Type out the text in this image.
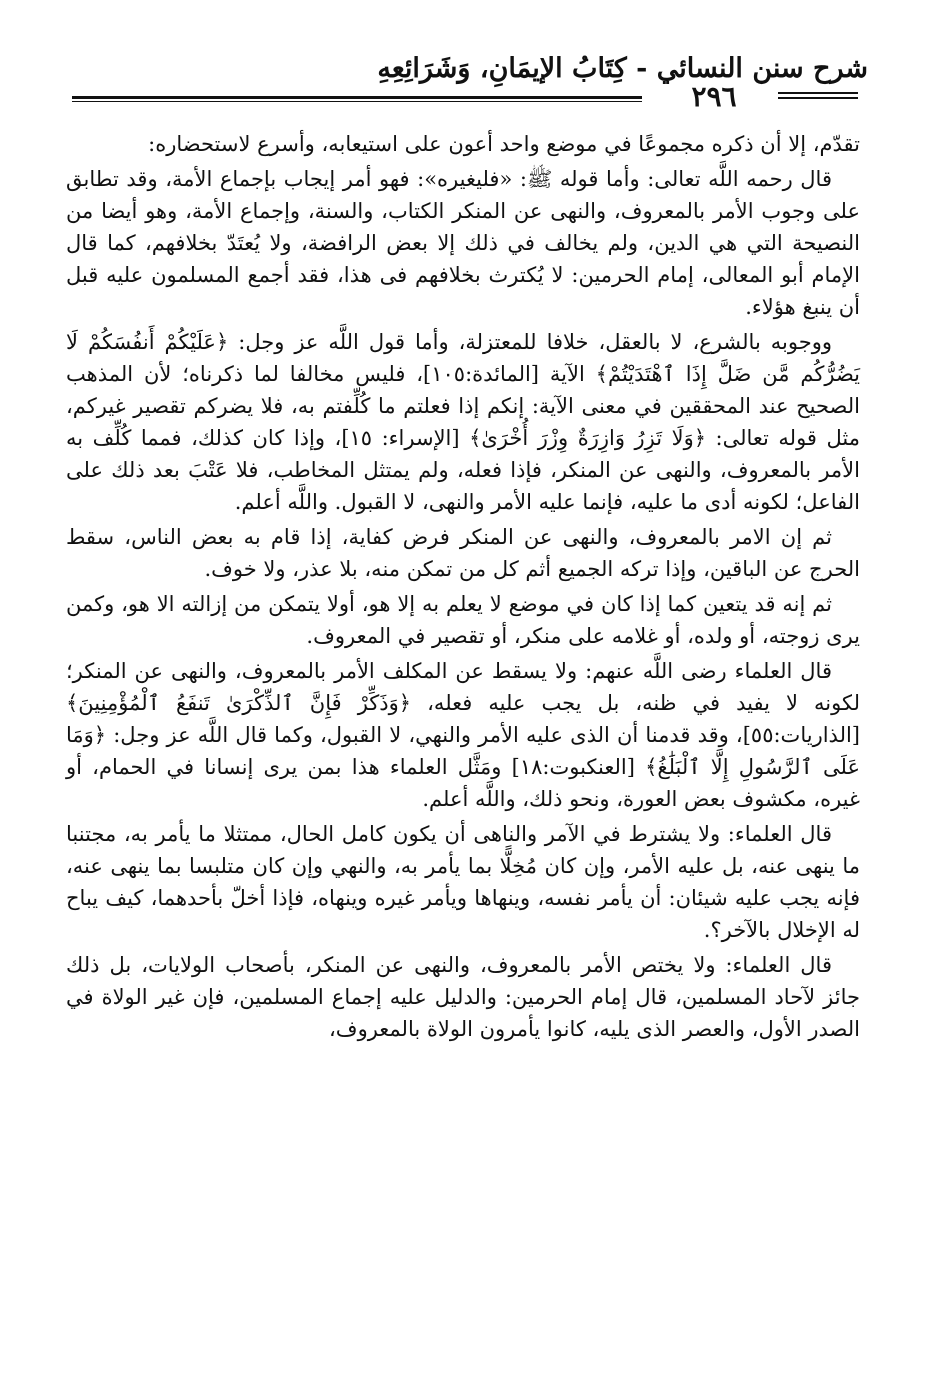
شرح سنن النسائي - كِتَابُ الإيمَانِ، وَشَرَائِعِهِ
٢٩٦

تقدّم، إلا أن ذكره مجموعًا في موضع واحد أعون على استيعابه، وأسرع لاستحضاره:

قال رحمه اللَّه تعالى: وأما قوله ﷺ: «فليغيره»: فهو أمر إيجاب بإجماع الأمة، وقد تطابق على وجوب الأمر بالمعروف، والنهى عن المنكر الكتاب، والسنة، وإجماع الأمة، وهو أيضا من النصيحة التي هي الدين، ولم يخالف في ذلك إلا بعض الرافضة، ولا يُعتَدّ بخلافهم، كما قال الإمام أبو المعالى، إمام الحرمين: لا يُكترث بخلافهم فى هذا، فقد أجمع المسلمون عليه قبل أن ينبغ هؤلاء.

ووجوبه بالشرع، لا بالعقل، خلافا للمعتزلة، وأما قول اللَّه عز وجل: ﴿عَلَيْكُمْ أَنفُسَكُمْ لَا يَضُرُّكُم مَّن ضَلَّ إِذَا ٱهْتَدَيْتُمْ﴾ الآية [المائدة:١٠٥]، فليس مخالفا لما ذكرناه؛ لأن المذهب الصحيح عند المحققين في معنى الآية: إنكم إذا فعلتم ما كُلِّفتم به، فلا يضركم تقصير غيركم، مثل قوله تعالى: ﴿وَلَا تَزِرُ وَازِرَةٌ وِزْرَ أُخْرَىٰ﴾ [الإسراء: ١٥]، وإذا كان كذلك، فمما كُلِّف به الأمر بالمعروف، والنهى عن المنكر، فإذا فعله، ولم يمتثل المخاطب، فلا عَتْبَ بعد ذلك على الفاعل؛ لكونه أدى ما عليه، فإنما عليه الأمر والنهى، لا القبول. واللَّه أعلم.

ثم إن الامر بالمعروف، والنهى عن المنكر فرض كفاية، إذا قام به بعض الناس، سقط الحرج عن الباقين، وإذا تركه الجميع أثم كل من تمكن منه، بلا عذر، ولا خوف.

ثم إنه قد يتعين كما إذا كان في موضع لا يعلم به إلا هو، أولا يتمكن من إزالته الا هو، وكمن يرى زوجته، أو ولده، أو غلامه على منكر، أو تقصير في المعروف.

قال العلماء رضى اللَّه عنهم: ولا يسقط عن المكلف الأمر بالمعروف، والنهى عن المنكر؛ لكونه لا يفيد في ظنه، بل يجب عليه فعله، ﴿وَذَكِّرْ فَإِنَّ ٱلذِّكْرَىٰ تَنفَعُ ٱلْمُؤْمِنِينَ﴾ [الذاريات:٥٥]، وقد قدمنا أن الذى عليه الأمر والنهي، لا القبول، وكما قال اللَّه عز وجل: ﴿وَمَا عَلَى ٱلرَّسُولِ إِلَّا ٱلْبَلَٰغُ﴾ [العنكبوت:١٨] ومَثَّل العلماء هذا بمن يرى إنسانا في الحمام، أو غيره، مكشوف بعض العورة، ونحو ذلك، واللَّه أعلم.

قال العلماء: ولا يشترط في الآمر والناهى أن يكون كامل الحال، ممتثلا ما يأمر به، مجتنبا ما ينهى عنه، بل عليه الأمر، وإن كان مُخِلًّا بما يأمر به، والنهي وإن كان متلبسا بما ينهى عنه، فإنه يجب عليه شيئان: أن يأمر نفسه، وينهاها ويأمر غيره وينهاه، فإذا أخلّ بأحدهما، كيف يباح له الإخلال بالآخر؟.

قال العلماء: ولا يختص الأمر بالمعروف، والنهى عن المنكر، بأصحاب الولايات، بل ذلك جائز لآحاد المسلمين، قال إمام الحرمين: والدليل عليه إجماع المسلمين، فإن غير الولاة في الصدر الأول، والعصر الذى يليه، كانوا يأمرون الولاة بالمعروف،
